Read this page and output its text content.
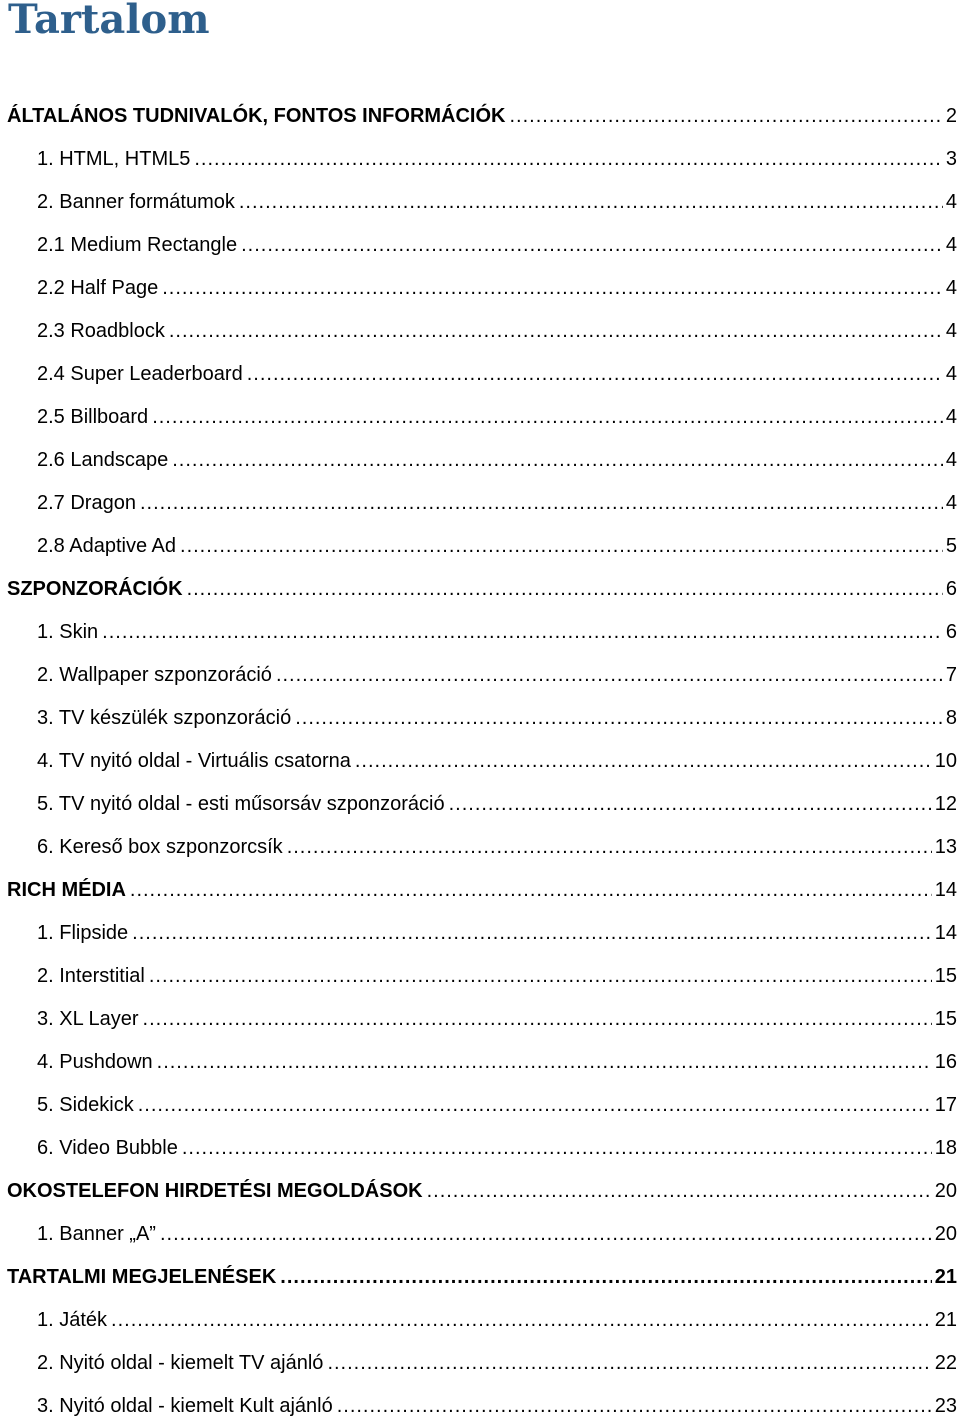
Tartalom
ÁLTALÁNOS TUDNIVALÓK, FONTOS INFORMÁCIÓK .....	2
1. HTML, HTML5 .....	3
2. Banner formátumok .....	4
2.1 Medium Rectangle .....	4
2.2 Half Page .....	4
2.3 Roadblock .....	4
2.4 Super Leaderboard .....	4
2.5 Billboard .....	4
2.6 Landscape .....	4
2.7 Dragon .....	4
2.8 Adaptive Ad .....	5
SZPONZORÁCIÓK .....	6
1. Skin .....	6
2. Wallpaper szponzoráció .....	7
3. TV készülék szponzoráció .....	8
4. TV nyitó oldal - Virtuális csatorna .....	10
5. TV nyitó oldal - esti műsorsáv szponzoráció .....	12
6. Kereső box szponzorcsík .....	13
RICH MÉDIA .....	14
1. Flipside .....	14
2. Interstitial .....	15
3. XL Layer .....	15
4. Pushdown .....	16
5. Sidekick .....	17
6. Video Bubble .....	18
OKOSTELEFON HIRDETÉSI MEGOLDÁSOK .....	20
1. Banner „A” .....	20
TARTALMI MEGJELENÉSEK .....	21
1. Játék .....	21
2. Nyitó oldal - kiemelt TV ajánló .....	22
3. Nyitó oldal - kiemelt Kult ajánló .....	23
